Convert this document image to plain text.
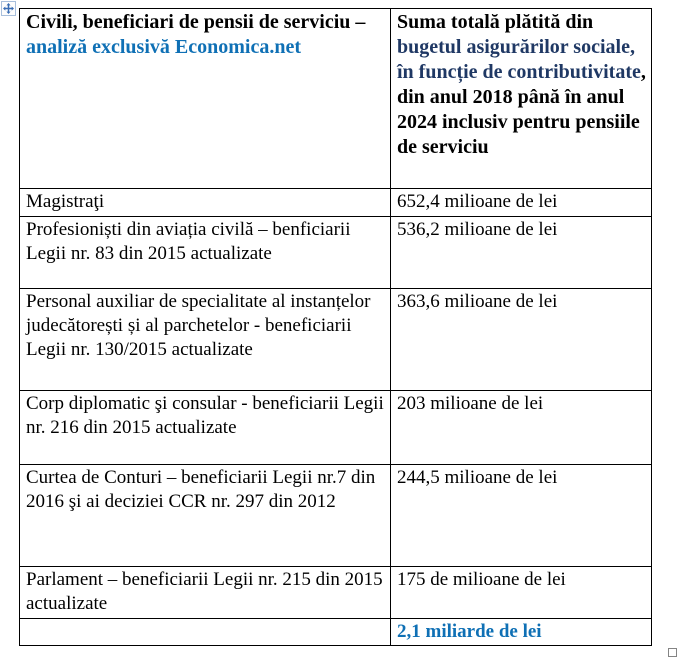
Civili, beneficiari de pensii de serviciu – analiză exclusivă Economica.net	Suma totală plătită din bugetul asigurărilor sociale, în funcție de contributivitate, din anul 2018 până în anul 2024 inclusiv pentru pensiile de serviciu
Magistraţi	652,4 milioane de lei
Profesioniști din aviația civilă – benficiarii Legii nr. 83 din 2015 actualizate	536,2 milioane de lei
Personal auxiliar de specialitate al instanțelor judecătorești și al parchetelor - beneficiarii Legii nr. 130/2015 actualizate	363,6 milioane de lei
Corp diplomatic şi consular - beneficiarii Legii nr. 216 din 2015 actualizate	203 milioane de lei
Curtea de Conturi – beneficiarii Legii nr.7 din 2016 şi ai deciziei CCR nr. 297 din 2012	244,5 milioane de lei
Parlament – beneficiarii Legii nr. 215 din 2015 actualizate	175 de milioane de lei
	2,1 miliarde de lei
